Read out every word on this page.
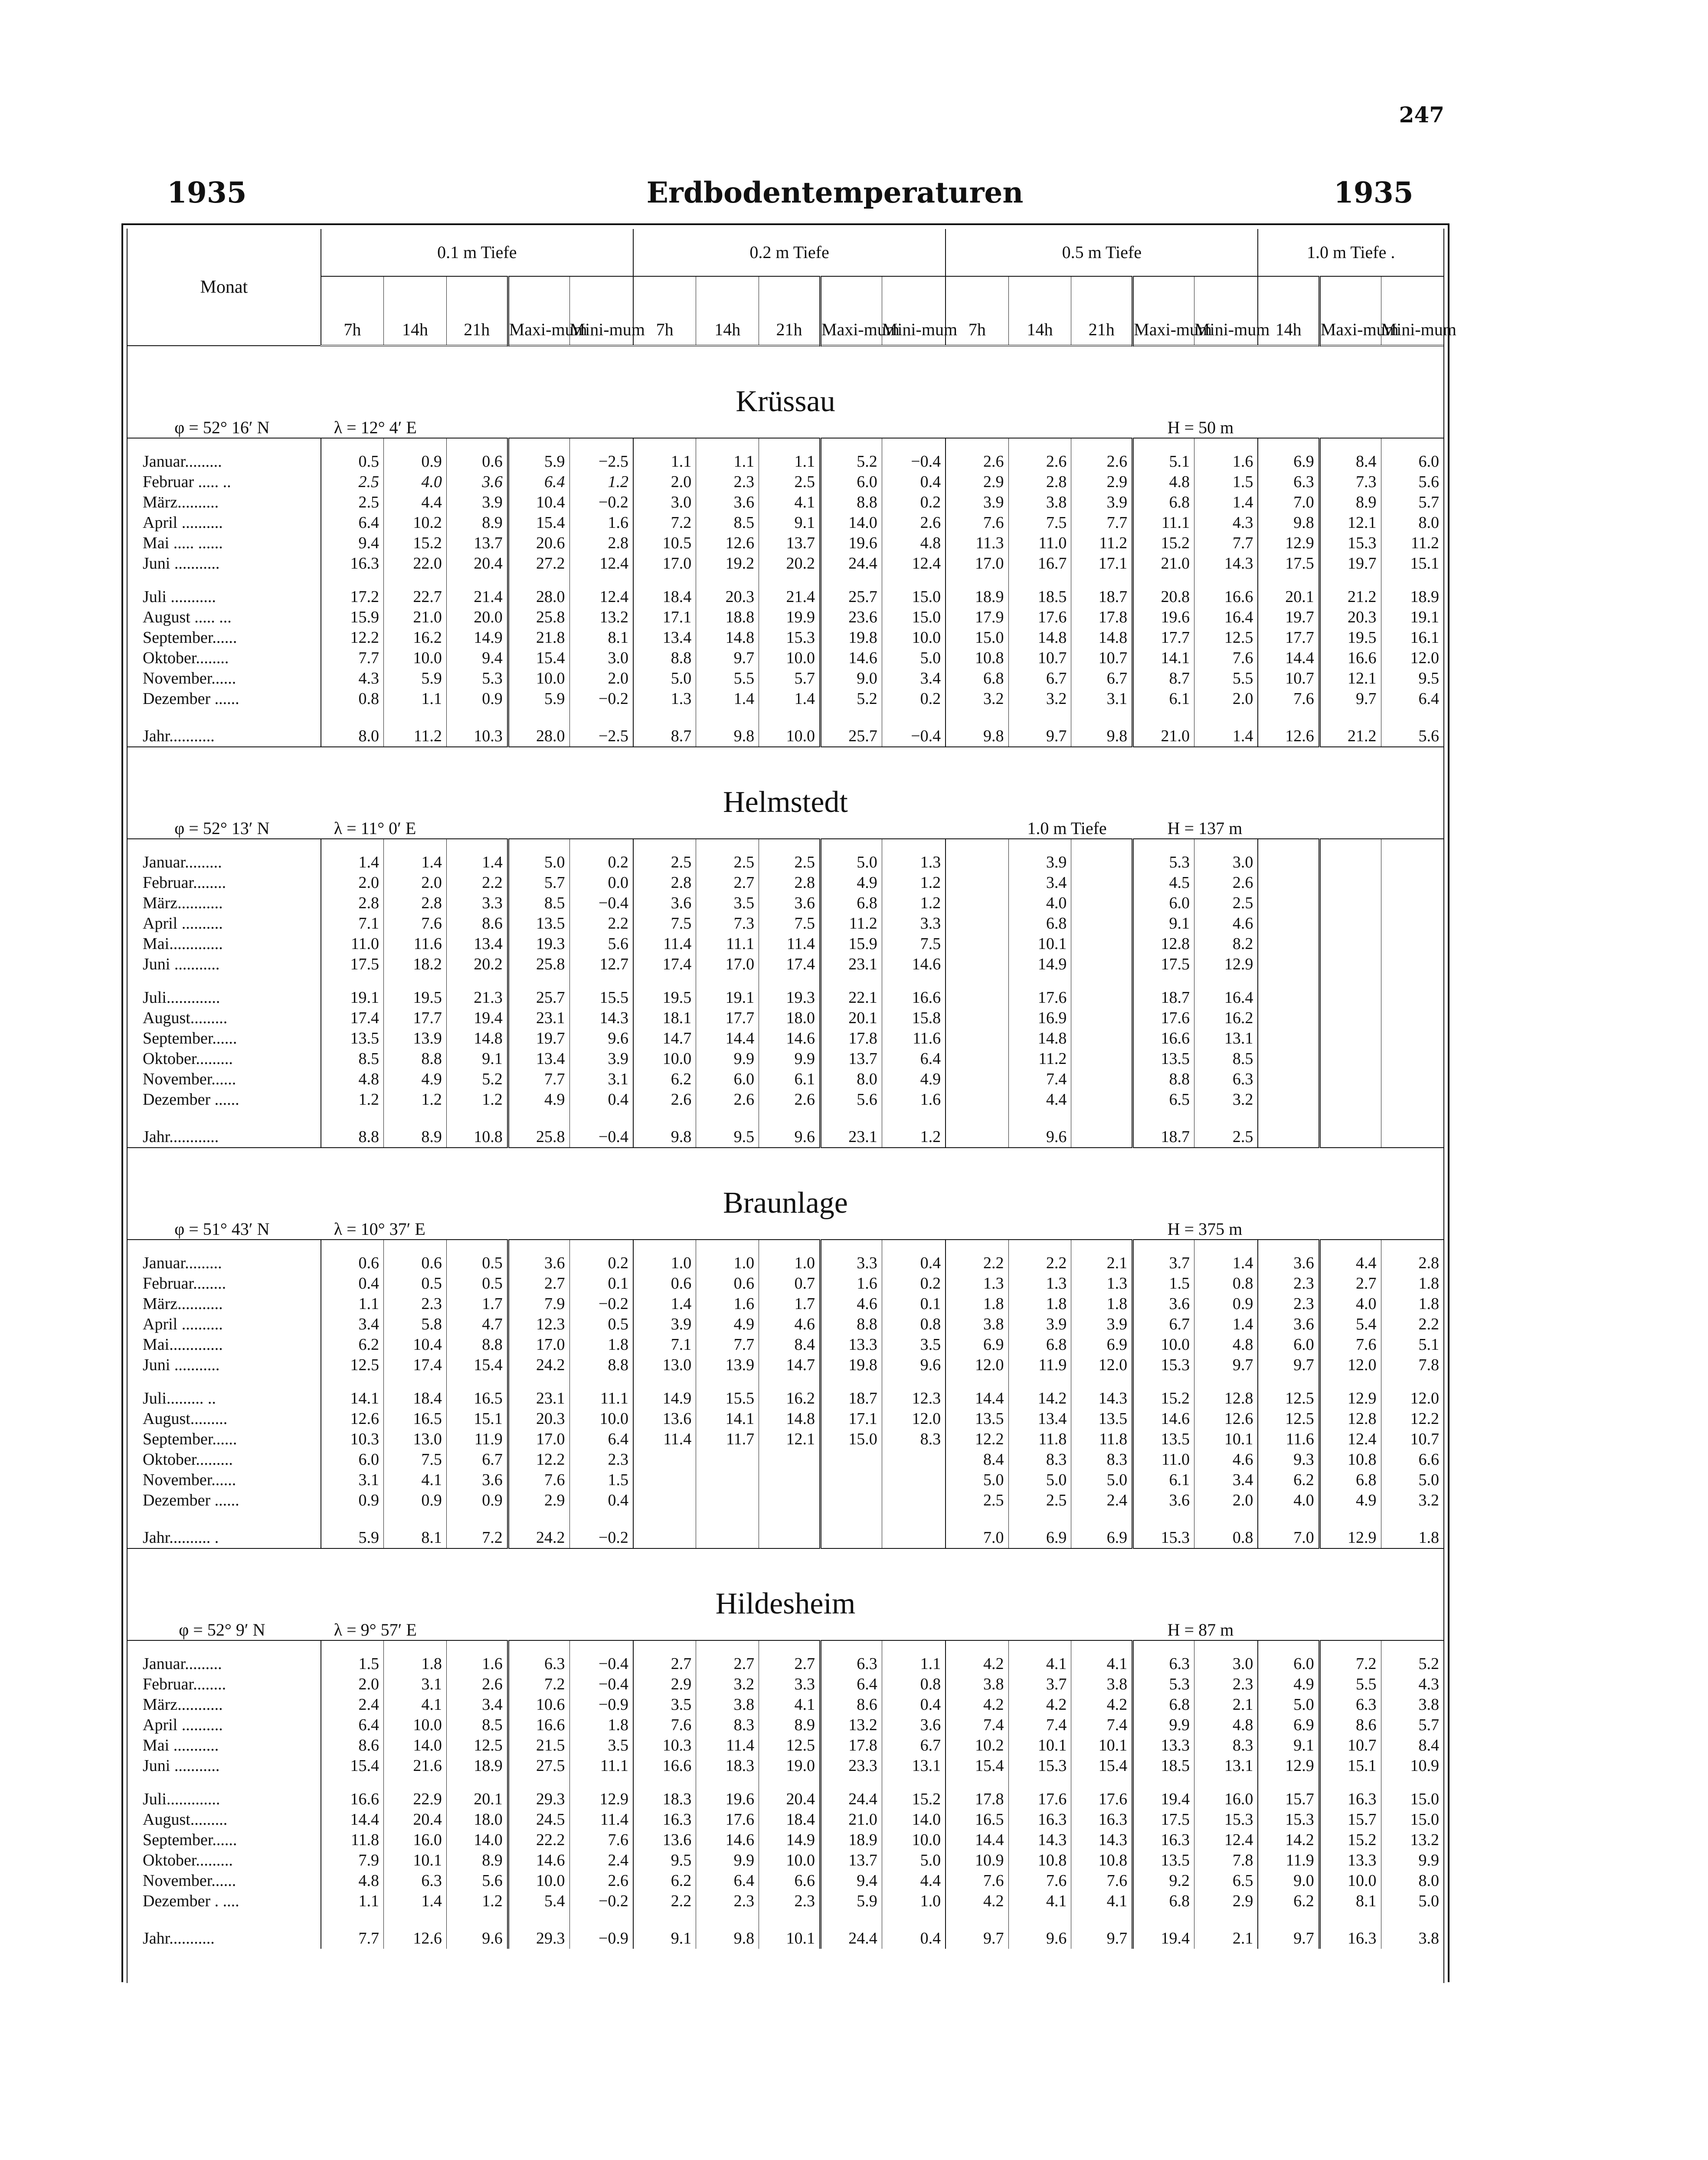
247
1935	Erdbodentemperaturen	1935
Monat	0.1 m Tiefe					0.2 m Tiefe					0.5 m Tiefe					1.0 m Tiefe .		
	7h	14h	21h	Maxi-mum	Mini-mum	7h	14h	21h	Maxi-mum	Mini-mum	7h	14h	21h	Maxi-mum	Mini-mum	14h	Maxi-mum	Mini-mum
Krüssau																		
φ = 52° 16′ N	λ = 12° 4′ E													H = 50 m				

Januar.........	0.5	0.9	0.6	5.9	−2.5	1.1	1.1	1.1	5.2	−0.4	2.6	2.6	2.6	5.1	1.6	6.9	8.4	6.0
Februar ..... ..	2.5	4.0	3.6	6.4	1.2	2.0	2.3	2.5	6.0	0.4	2.9	2.8	2.9	4.8	1.5	6.3	7.3	5.6
März..........	2.5	4.4	3.9	10.4	−0.2	3.0	3.6	4.1	8.8	0.2	3.9	3.8	3.9	6.8	1.4	7.0	8.9	5.7
April ..........	6.4	10.2	8.9	15.4	1.6	7.2	8.5	9.1	14.0	2.6	7.6	7.5	7.7	11.1	4.3	9.8	12.1	8.0
Mai ..... ......	9.4	15.2	13.7	20.6	2.8	10.5	12.6	13.7	19.6	4.8	11.3	11.0	11.2	15.2	7.7	12.9	15.3	11.2
Juni ...........	16.3	22.0	20.4	27.2	12.4	17.0	19.2	20.2	24.4	12.4	17.0	16.7	17.1	21.0	14.3	17.5	19.7	15.1

Juli ...........	17.2	22.7	21.4	28.0	12.4	18.4	20.3	21.4	25.7	15.0	18.9	18.5	18.7	20.8	16.6	20.1	21.2	18.9
August ..... ...	15.9	21.0	20.0	25.8	13.2	17.1	18.8	19.9	23.6	15.0	17.9	17.6	17.8	19.6	16.4	19.7	20.3	19.1
September......	12.2	16.2	14.9	21.8	8.1	13.4	14.8	15.3	19.8	10.0	15.0	14.8	14.8	17.7	12.5	17.7	19.5	16.1
Oktober........	7.7	10.0	9.4	15.4	3.0	8.8	9.7	10.0	14.6	5.0	10.8	10.7	10.7	14.1	7.6	14.4	16.6	12.0
November......	4.3	5.9	5.3	10.0	2.0	5.0	5.5	5.7	9.0	3.4	6.8	6.7	6.7	8.7	5.5	10.7	12.1	9.5
Dezember ......	0.8	1.1	0.9	5.9	−0.2	1.3	1.4	1.4	5.2	0.2	3.2	3.2	3.1	6.1	2.0	7.6	9.7	6.4

Jahr...........	8.0	11.2	10.3	28.0	−2.5	8.7	9.8	10.0	25.7	−0.4	9.8	9.7	9.8	21.0	1.4	12.6	21.2	5.6
Helmstedt																		
φ = 52° 13′ N	λ = 11° 0′ E			1.0 m Tiefe										H = 137 m				

Januar.........	1.4	1.4	1.4	5.0	0.2	2.5	2.5	2.5	5.0	1.3		3.9		5.3	3.0			
Februar........	2.0	2.0	2.2	5.7	0.0	2.8	2.7	2.8	4.9	1.2		3.4		4.5	2.6			
März...........	2.8	2.8	3.3	8.5	−0.4	3.6	3.5	3.6	6.8	1.2		4.0		6.0	2.5			
April ..........	7.1	7.6	8.6	13.5	2.2	7.5	7.3	7.5	11.2	3.3		6.8		9.1	4.6			
Mai.............	11.0	11.6	13.4	19.3	5.6	11.4	11.1	11.4	15.9	7.5		10.1		12.8	8.2			
Juni ...........	17.5	18.2	20.2	25.8	12.7	17.4	17.0	17.4	23.1	14.6		14.9		17.5	12.9			

Juli.............	19.1	19.5	21.3	25.7	15.5	19.5	19.1	19.3	22.1	16.6		17.6		18.7	16.4			
August.........	17.4	17.7	19.4	23.1	14.3	18.1	17.7	18.0	20.1	15.8		16.9		17.6	16.2			
September......	13.5	13.9	14.8	19.7	9.6	14.7	14.4	14.6	17.8	11.6		14.8		16.6	13.1			
Oktober.........	8.5	8.8	9.1	13.4	3.9	10.0	9.9	9.9	13.7	6.4		11.2		13.5	8.5			
November......	4.8	4.9	5.2	7.7	3.1	6.2	6.0	6.1	8.0	4.9		7.4		8.8	6.3			
Dezember ......	1.2	1.2	1.2	4.9	0.4	2.6	2.6	2.6	5.6	1.6		4.4		6.5	3.2			

Jahr............	8.8	8.9	10.8	25.8	−0.4	9.8	9.5	9.6	23.1	1.2		9.6		18.7	2.5			
Braunlage																		
φ = 51° 43′ N	λ = 10° 37′ E													H = 375 m				

Januar.........	0.6	0.6	0.5	3.6	0.2	1.0	1.0	1.0	3.3	0.4	2.2	2.2	2.1	3.7	1.4	3.6	4.4	2.8
Februar........	0.4	0.5	0.5	2.7	0.1	0.6	0.6	0.7	1.6	0.2	1.3	1.3	1.3	1.5	0.8	2.3	2.7	1.8
März...........	1.1	2.3	1.7	7.9	−0.2	1.4	1.6	1.7	4.6	0.1	1.8	1.8	1.8	3.6	0.9	2.3	4.0	1.8
April ..........	3.4	5.8	4.7	12.3	0.5	3.9	4.9	4.6	8.8	0.8	3.8	3.9	3.9	6.7	1.4	3.6	5.4	2.2
Mai.............	6.2	10.4	8.8	17.0	1.8	7.1	7.7	8.4	13.3	3.5	6.9	6.8	6.9	10.0	4.8	6.0	7.6	5.1
Juni ...........	12.5	17.4	15.4	24.2	8.8	13.0	13.9	14.7	19.8	9.6	12.0	11.9	12.0	15.3	9.7	9.7	12.0	7.8

Juli......... ..	14.1	18.4	16.5	23.1	11.1	14.9	15.5	16.2	18.7	12.3	14.4	14.2	14.3	15.2	12.8	12.5	12.9	12.0
August.........	12.6	16.5	15.1	20.3	10.0	13.6	14.1	14.8	17.1	12.0	13.5	13.4	13.5	14.6	12.6	12.5	12.8	12.2
September......	10.3	13.0	11.9	17.0	6.4	11.4	11.7	12.1	15.0	8.3	12.2	11.8	11.8	13.5	10.1	11.6	12.4	10.7
Oktober.........	6.0	7.5	6.7	12.2	2.3						8.4	8.3	8.3	11.0	4.6	9.3	10.8	6.6
November......	3.1	4.1	3.6	7.6	1.5						5.0	5.0	5.0	6.1	3.4	6.2	6.8	5.0
Dezember ......	0.9	0.9	0.9	2.9	0.4						2.5	2.5	2.4	3.6	2.0	4.0	4.9	3.2

Jahr.......... .	5.9	8.1	7.2	24.2	−0.2						7.0	6.9	6.9	15.3	0.8	7.0	12.9	1.8
Hildesheim																		
φ = 52° 9′ N	λ = 9° 57′ E													H = 87 m				

Januar.........	1.5	1.8	1.6	6.3	−0.4	2.7	2.7	2.7	6.3	1.1	4.2	4.1	4.1	6.3	3.0	6.0	7.2	5.2
Februar........	2.0	3.1	2.6	7.2	−0.4	2.9	3.2	3.3	6.4	0.8	3.8	3.7	3.8	5.3	2.3	4.9	5.5	4.3
März...........	2.4	4.1	3.4	10.6	−0.9	3.5	3.8	4.1	8.6	0.4	4.2	4.2	4.2	6.8	2.1	5.0	6.3	3.8
April ..........	6.4	10.0	8.5	16.6	1.8	7.6	8.3	8.9	13.2	3.6	7.4	7.4	7.4	9.9	4.8	6.9	8.6	5.7
Mai ...........	8.6	14.0	12.5	21.5	3.5	10.3	11.4	12.5	17.8	6.7	10.2	10.1	10.1	13.3	8.3	9.1	10.7	8.4
Juni ...........	15.4	21.6	18.9	27.5	11.1	16.6	18.3	19.0	23.3	13.1	15.4	15.3	15.4	18.5	13.1	12.9	15.1	10.9

Juli.............	16.6	22.9	20.1	29.3	12.9	18.3	19.6	20.4	24.4	15.2	17.8	17.6	17.6	19.4	16.0	15.7	16.3	15.0
August.........	14.4	20.4	18.0	24.5	11.4	16.3	17.6	18.4	21.0	14.0	16.5	16.3	16.3	17.5	15.3	15.3	15.7	15.0
September......	11.8	16.0	14.0	22.2	7.6	13.6	14.6	14.9	18.9	10.0	14.4	14.3	14.3	16.3	12.4	14.2	15.2	13.2
Oktober.........	7.9	10.1	8.9	14.6	2.4	9.5	9.9	10.0	13.7	5.0	10.9	10.8	10.8	13.5	7.8	11.9	13.3	9.9
November......	4.8	6.3	5.6	10.0	2.6	6.2	6.4	6.6	9.4	4.4	7.6	7.6	7.6	9.2	6.5	9.0	10.0	8.0
Dezember . ....	1.1	1.4	1.2	5.4	−0.2	2.2	2.3	2.3	5.9	1.0	4.2	4.1	4.1	6.8	2.9	6.2	8.1	5.0

Jahr...........	7.7	12.6	9.6	29.3	−0.9	9.1	9.8	10.1	24.4	0.4	9.7	9.6	9.7	19.4	2.1	9.7	16.3	3.8
